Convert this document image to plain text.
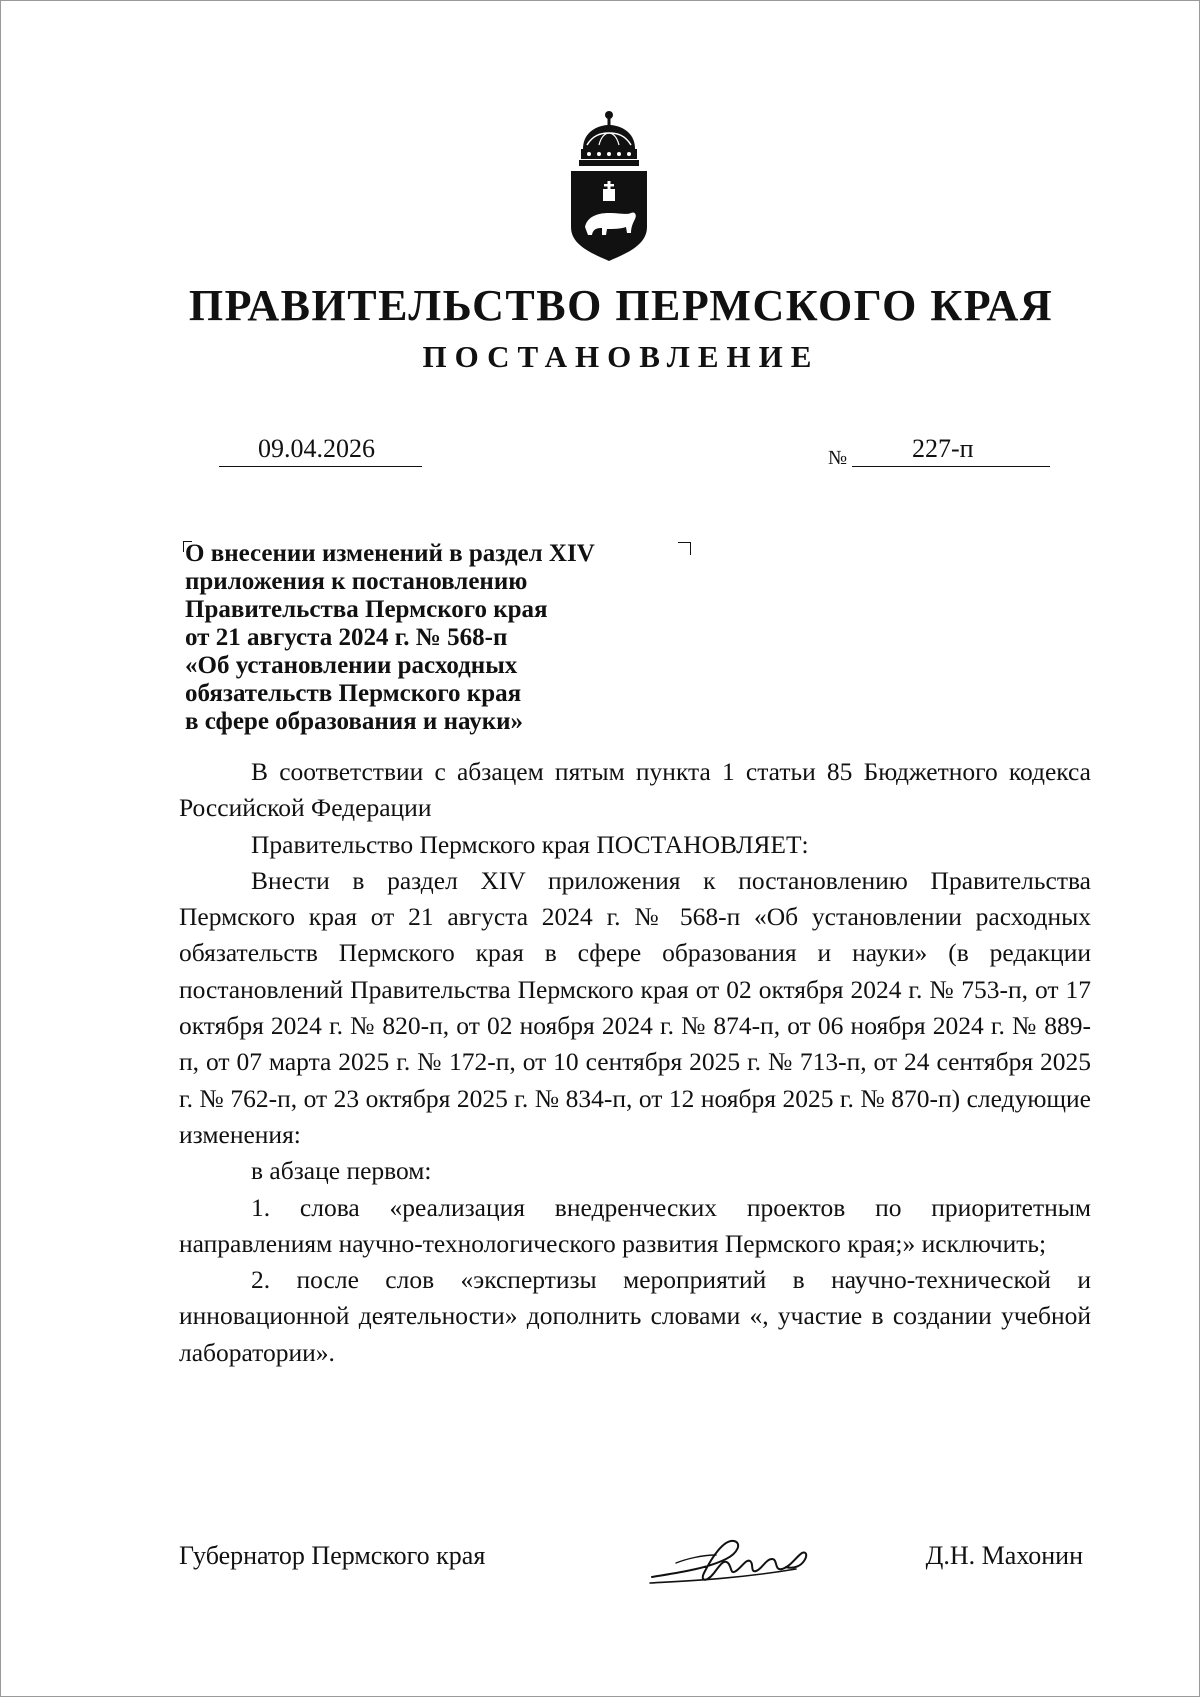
ПРАВИТЕЛЬСТВО ПЕРМСКОГО КРАЯ
ПОСТАНОВЛЕНИЕ
09.04.2026	№	227-п
О внесении изменений в раздел XIV
приложения к постановлению
Правительства Пермского края
от 21 августа 2024 г. № 568-п
«Об установлении расходных
обязательств Пермского края
в сфере образования и науки»

В соответствии с абзацем пятым пункта 1 статьи 85 Бюджетного кодекса Российской Федерации

Правительство Пермского края ПОСТАНОВЛЯЕТ:

Внести в раздел XIV приложения к постановлению Правительства Пермского края от 21 августа 2024 г. № 568-п «Об установлении расходных обязательств Пермского края в сфере образования и науки» (в редакции постановлений Правительства Пермского края от 02 октября 2024 г. № 753-п, от 17 октября 2024 г. № 820-п, от 02 ноября 2024 г. № 874-п, от 06 ноября 2024 г. № 889-п, от 07 марта 2025 г. № 172-п, от 10 сентября 2025 г. № 713-п, от 24 сентября 2025 г. № 762-п, от 23 октября 2025 г. № 834-п, от 12 ноября 2025 г. № 870-п) следующие изменения:

в абзаце первом:

1. слова «реализация внедренческих проектов по приоритетным направлениям научно-технологического развития Пермского края;» исключить;

2. после слов «экспертизы мероприятий в научно-технической и инновационной деятельности» дополнить словами «, участие в создании учебной лаборатории».

Губернатор Пермского края	Д.Н. Махонин
